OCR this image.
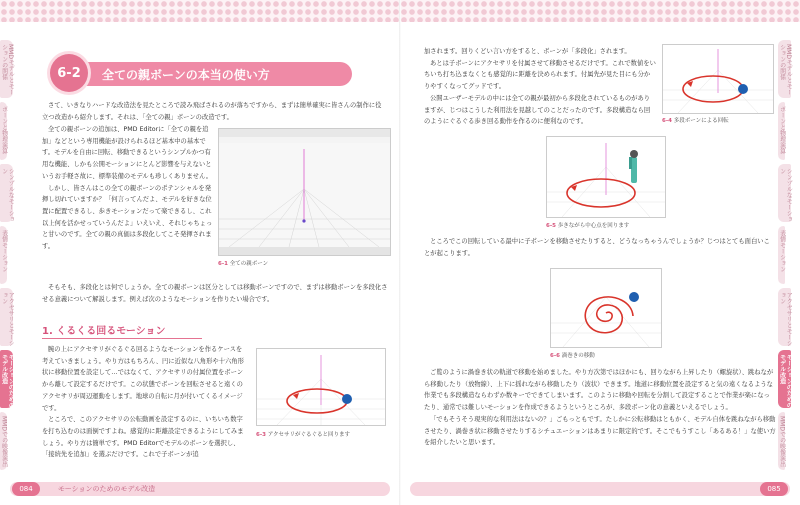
MMDモデルとモーションの関係
ボーンと物理演算
シンプルなモーション
表情モーション
アクセサリとモーション
モーションのためのモデル改造
MMDでの映像演出
MMDモデルとモーションの関係
ボーンと物理演算
シンプルなモーション
表情モーション
アクセサリとモーション
モーションのためのモデル改造
MMDでの映像演出
6-2	全ての親ボーンの本当の使い方

さて、いきなりハードな改造法を見たところで読み飛ばされるのが落ちですから、まずは簡単確実に皆さんの制作に役立つ改造から紹介します。それは、「全ての親」ボーンの改造です。

全ての親ボーンの追加は、PMD Editorに「全ての親を追加」などという専用機能が設けられるほど基本中の基本です。モデルを自由に回転、移動できるというシンプルかつ有用な機能、しかも公開モーションにとんど影響を与えないというお手軽さ故に、標準装備のモデルも珍しくありません。

しかし、皆さんはこの全ての親ボーンのポテンシャルを発揮し切れていますか？「何言ってんだよ、モデルを好きな位置に配置できるし、歩きモーションだって楽できるし、これ以上何を活かせっていうんだよ」いえいえ、それじゃちょっと甘いのです。全ての親の真価は多段化してこそ発揮されます。

6-1 全ての親ボーン

そもそも、多段化とは何でしょうか。全ての親ボーンは区分としては移動ボーンですので、まずは移動ボーンを多段化させる意義について解説します。例えば次のようなモーションを作りたい場合です。

1. くるくる回るモーション

腕の上にアクセサリがぐるぐる回るようなモーションを作るケースを考えていきましょう。やり方はもちろん、円に近似な八角形や十六角形状に移動位置を設定して…ではなくて、アクセサリの付属位置をボーンから離して設定するだけです。この状態でボーンを回転させると遠くのアクセサリが周辺運動をします。地球の自転に月が付いてくるイメージです。

ところで、このアクセサリの公転動画を設定するのに、いちいち数字を打ち込むのは面倒ですよね。感覚的に距離設定できるようにしてみましょう。やり方は簡単です。PMD Editorでモデルのボーンを選択し、「接続先を追加」を選ぶだけです。これで子ボーンが追

6-3 アクセサリがぐるぐると回ります

加されます。回りくどい言い方をすると、ボーンが「多段化」されます。

あとは子ボーンにアクセサリを付属させて移動させるだけです。これで数値をいちいち打ち込まなくとも感覚的に距離を決められます。付属先が見た目にも分かりやすくなってグッドです。

公開ユーザーモデルの中には全ての親が最初から多段化されているものがありますが、じつはこうした利用法を見越してのことだったのです。多段構造なら回のようにぐるぐる歩き回る動作を作るのに便利なのです。	6-4 多段ボーンによる回転
6-5 歩きながら中心点を回ります

ところでこの回転している最中に子ボーンを移動させたりすると、どうなっちゃうんでしょうか？じつはとても面白いことが起こります。

6-6 渦巻きの移動

ご覧のように渦巻き状の軌道で移動を始めました。やり方次第ではほかにも、回りながら上昇したり（螺旋状）、跳ねながら移動したり（放物線）、上下に揺れながら移動したり（波状）できます。地道に移動位置を設定すると気の遠くなるような作業でも多段構造ならわずか数キーでできてしまいます。このように移動や回転を分割して設定することで作業が楽になったり、通常では難しいモーションを作成できるようというところが、多段ボーン化の意義といえるでしょう。

「でもそうそう現実的な利用法はないの？」ごもっともです。たしかに公転移動はともかく、モデル自体を跳ねながら移動させたり、渦巻き状に移動させたりするシチュエーションはあまりに限定的です。そこでもうすこし「あるある！」な使い方を紹介したいと思います。

084	モーションのためのモデル改造	085
